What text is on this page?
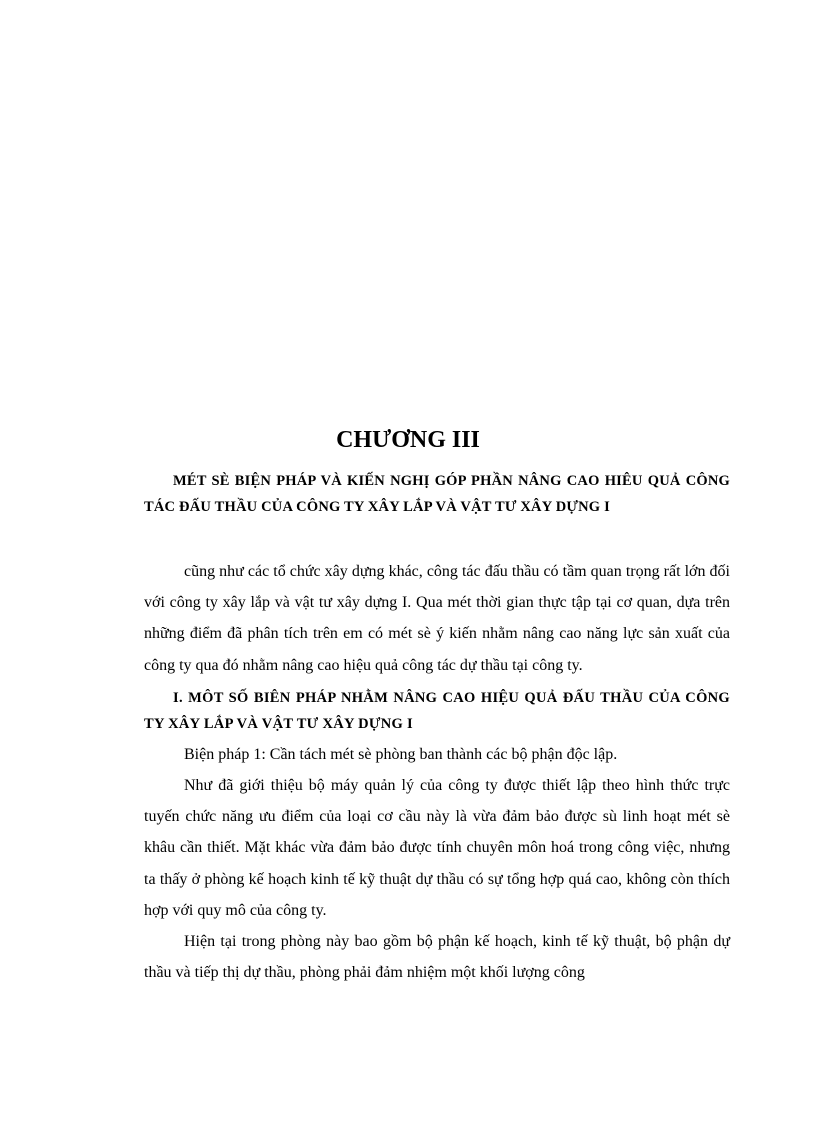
CHƯƠNG III

MÉT SÈ BIỆN PHÁP VÀ KIẾN NGHỊ GÓP PHẦN NÂNG CAO HIÊU QUẢ CÔNG TÁC ĐẤU THẦU CỦA CÔNG TY XÂY LẮP VÀ VẬT TƯ XÂY DỰNG I

cũng như các tổ chức xây dựng khác, công tác đấu thầu có tầm quan trọng rất lớn đối với công ty xây lắp và vật tư xây dựng I. Qua mét thời gian thực tập tại cơ quan, dựa trên những điểm đã phân tích trên em có mét sè ý kiến nhằm nâng cao năng lực sản xuất của công ty qua đó nhằm nâng cao hiệu quả công tác dự thầu tại công ty.

I. MÔT SỐ BIÊN PHÁP NHẰM NÂNG CAO HIỆU QUẢ ĐẤU THẦU CỦA CÔNG TY XÂY LẮP VÀ VẬT TƯ XÂY DỰNG I

Biện pháp 1: Cần tách mét sè phòng ban thành các bộ phận độc lập.

Như đã giới thiệu bộ máy quản lý của công ty được thiết lập theo hình thức trực tuyến chức năng ưu điểm của loại cơ cầu này là vừa đảm bảo được sù linh hoạt mét sè khâu cần thiết. Mặt khác vừa đảm bảo được tính chuyên môn hoá trong công việc, nhưng ta thấy ở phòng kế hoạch kinh tế kỹ thuật dự thầu có sự tổng hợp quá cao, không còn thích hợp với quy mô của công ty.

Hiện tại trong phòng này bao gồm bộ phận kế hoạch, kinh tế kỹ thuật, bộ phận dự thầu và tiếp thị dự thầu, phòng phải đảm nhiệm một khối lượng công
